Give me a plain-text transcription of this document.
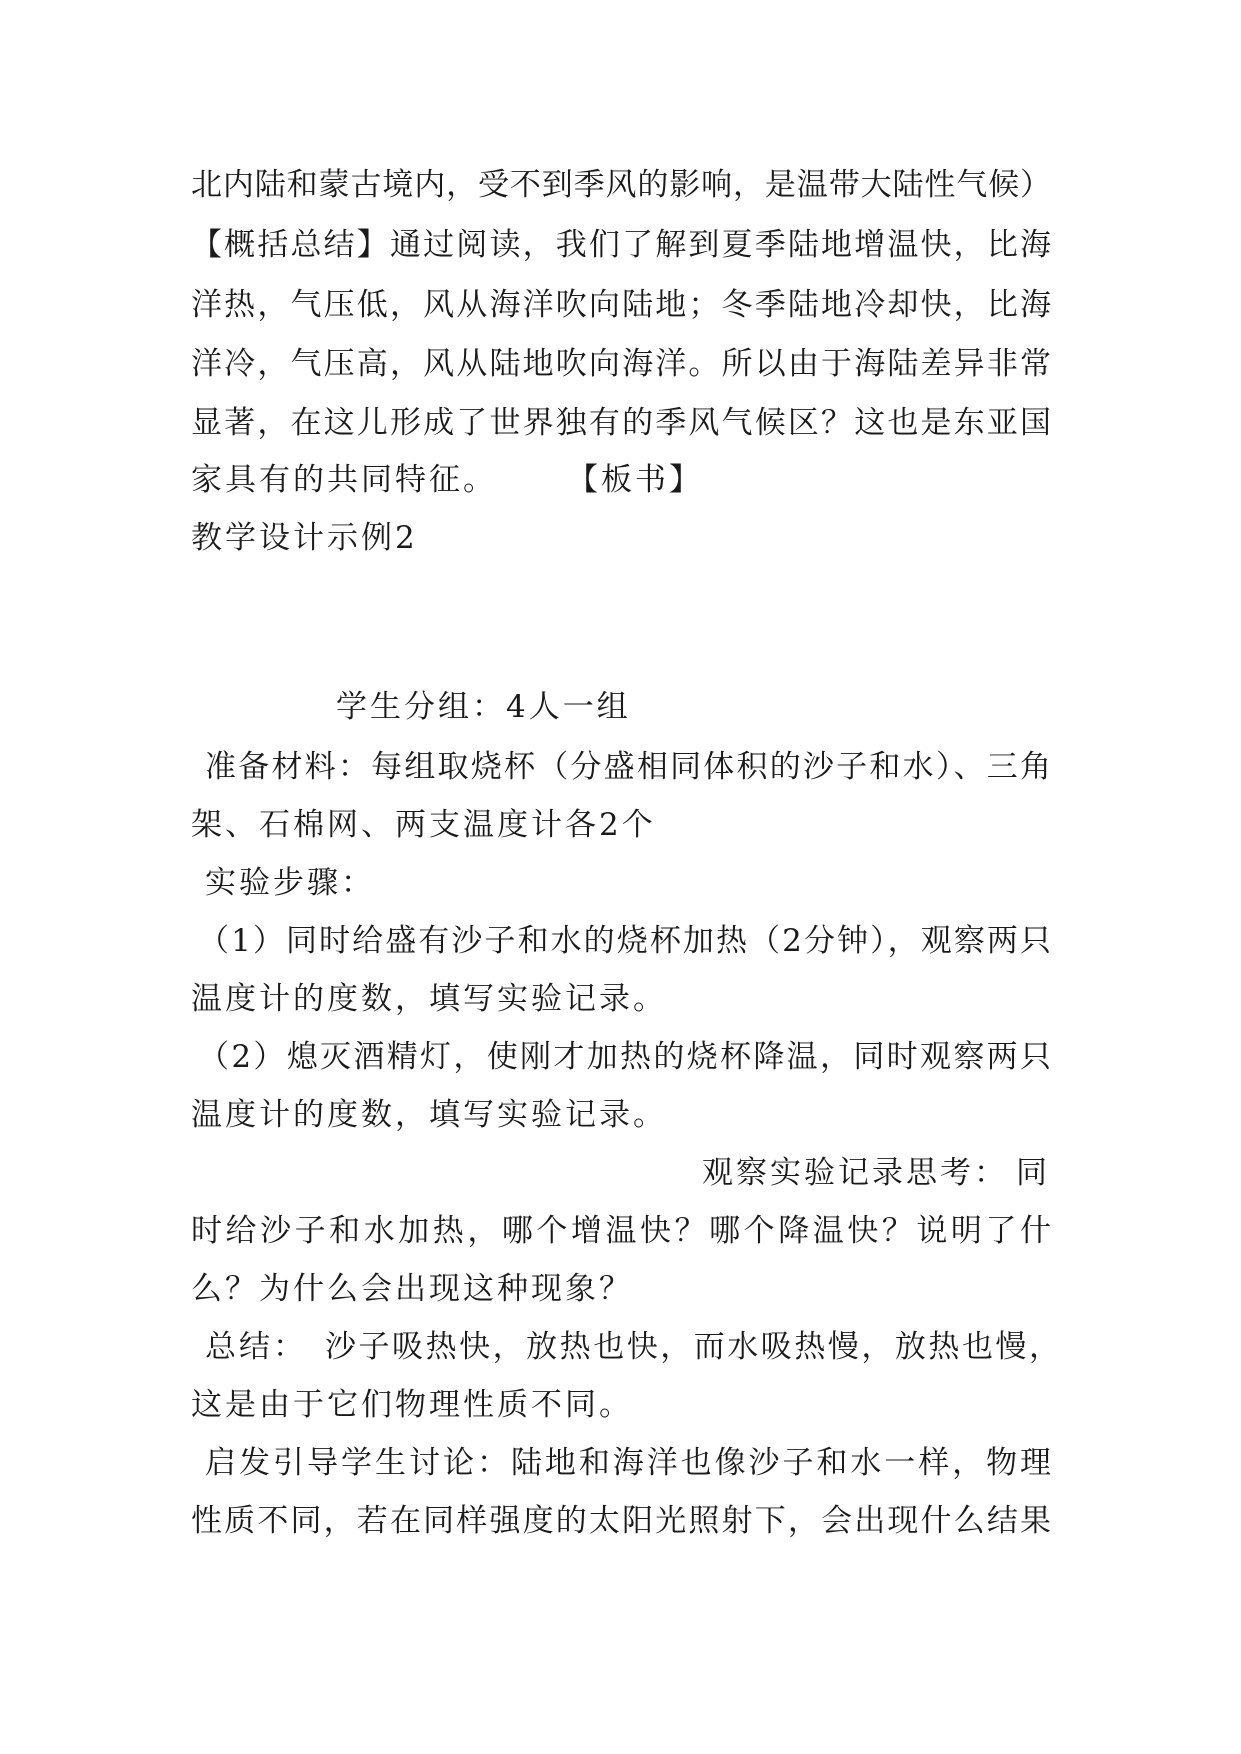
北内陆和蒙古境内，受不到季风的影响，是温带大陆性气候）
【概括总结】通过阅读，我们了解到夏季陆地增温快，比海
洋热，气压低，风从海洋吹向陆地；冬季陆地冷却快，比海
洋冷，气压高，风从陆地吹向海洋。所以由于海陆差异非常
显著，在这儿形成了世界独有的季风气候区？这也是东亚国
家具有的共同特征。 【板书】
教学设计示例2
学生分组：4人一组
准备材料：每组取烧杯（分盛相同体积的沙子和水）、三角
架、石棉网、两支温度计各2个
实验步骤：
（1）同时给盛有沙子和水的烧杯加热（2分钟），观察两只
温度计的度数，填写实验记录。
（2）熄灭酒精灯，使刚才加热的烧杯降温，同时观察两只
温度计的度数，填写实验记录。
观察实验记录思考： 同
时给沙子和水加热，哪个增温快？哪个降温快？说明了什
么？为什么会出现这种现象？
总结： 沙子吸热快，放热也快，而水吸热慢，放热也慢，
这是由于它们物理性质不同。
启发引导学生讨论： 陆地和海洋也像沙子和水一样，物理
性质不同，若在同样强度的太阳光照射下，会出现什么结果
